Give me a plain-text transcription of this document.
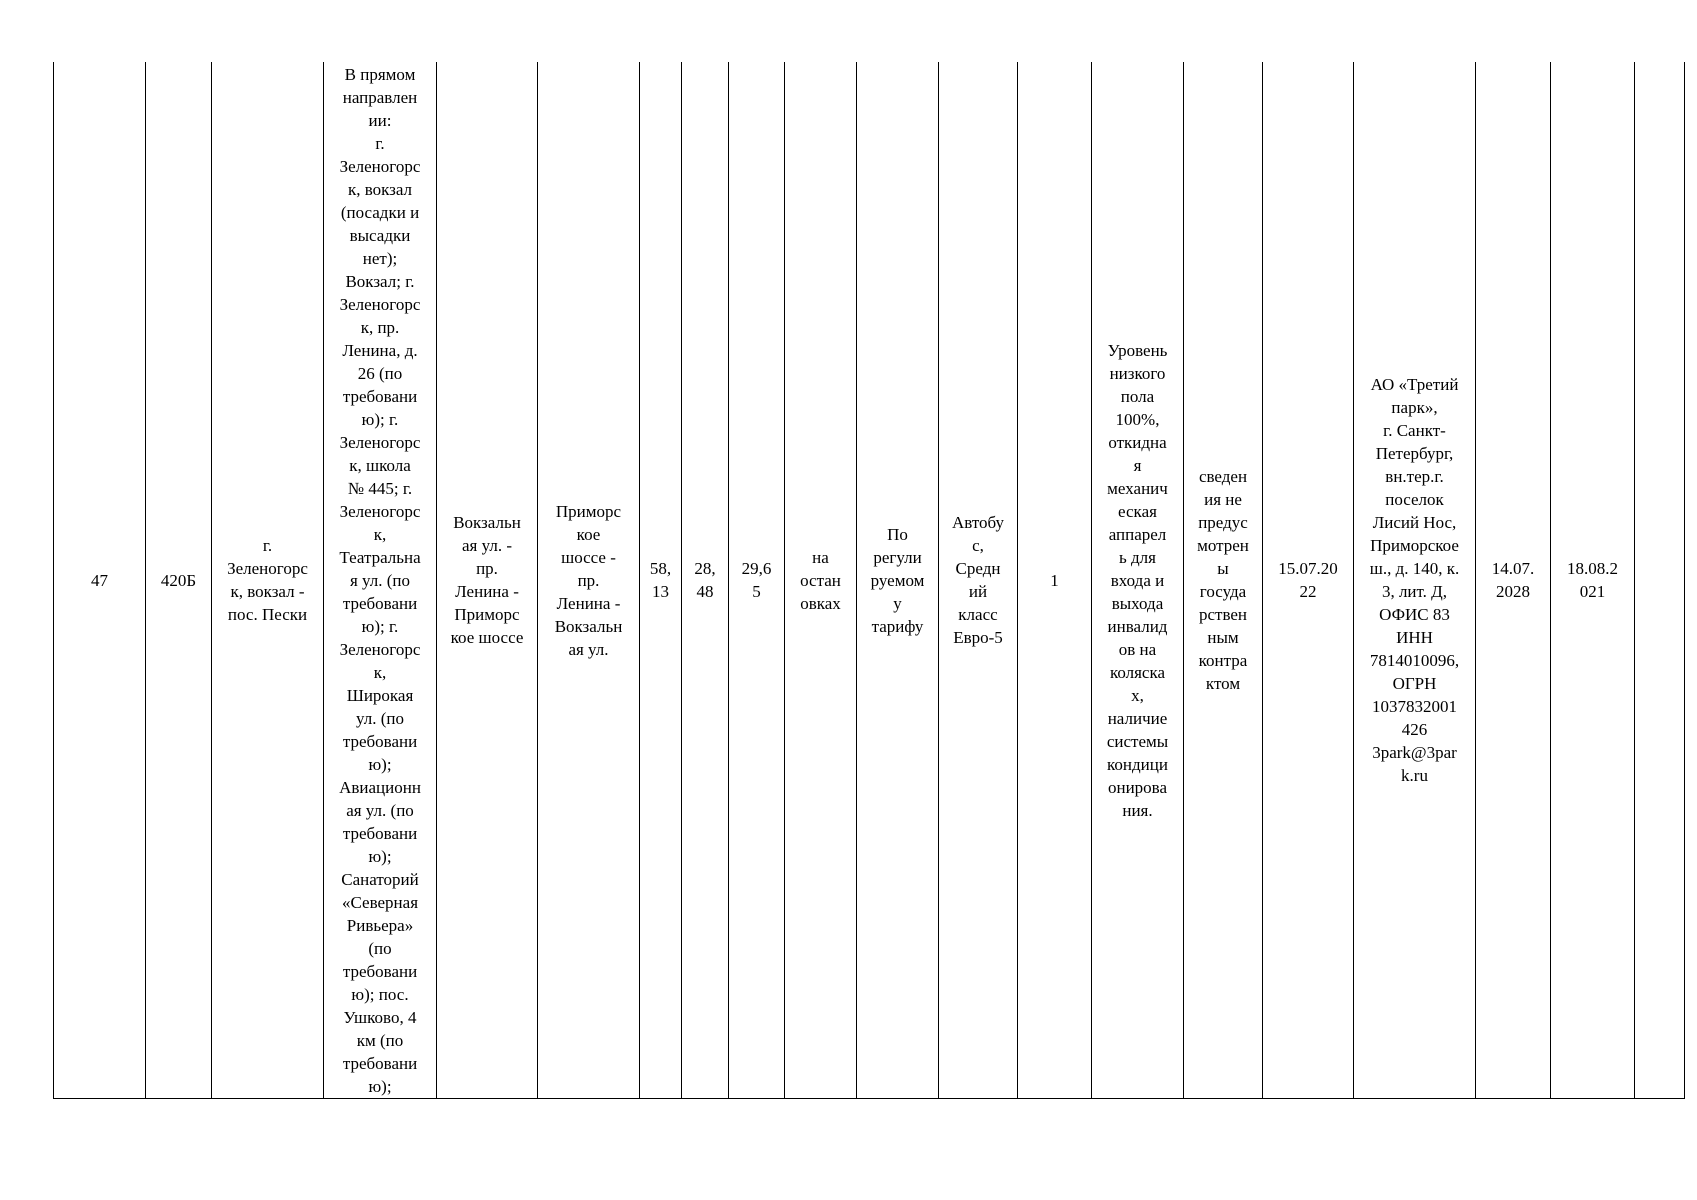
47	420Б	г.
Зеленогорс
к, вокзал -
пос. Пески	В прямом
направлен
ии:
г.
Зеленогорс
к, вокзал
(посадки и
высадки
нет);
Вокзал; г.
Зеленогорс
к, пр.
Ленина, д.
26 (по
требовани
ю); г.
Зеленогорс
к, школа
№ 445; г.
Зеленогорс
к,
Театральна
я ул. (по
требовани
ю); г.
Зеленогорс
к,
Широкая
ул. (по
требовани
ю);
Авиационн
ая ул. (по
требовани
ю);
Санаторий
«Северная
Ривьера»
(по
требовани
ю); пос.
Ушково, 4
км (по
требовани
ю);	Вокзальн
ая ул. -
пр.
Ленина -
Приморс
кое шоссе	Приморс
кое
шоссе -
пр.
Ленина -
Вокзальн
ая ул.	58,
13	28,
48	29,6
5	на
остан
овках	По
регули
руемом
у
тарифу	Автобу
с,
Средн
ий
класс
Евро-5	1	Уровень
низкого
пола
100%,
откидна
я
механич
еская
аппарел
ь для
входа и
выхода
инвалид
ов на
коляска
х,
наличие
системы
кондици
онирова
ния.	сведен
ия не
предус
мотрен
ы
госуда
рствен
ным
контра
ктом	15.07.20
22	АО «Третий
парк»,
г. Санкт-
Петербург,
вн.тер.г.
поселок
Лисий Нос,
Приморское
ш., д. 140, к.
3, лит. Д,
ОФИС 83
ИНН
7814010096,
ОГРН
1037832001
426
3park@3par
k.ru	14.07.
2028	18.08.2
021	
